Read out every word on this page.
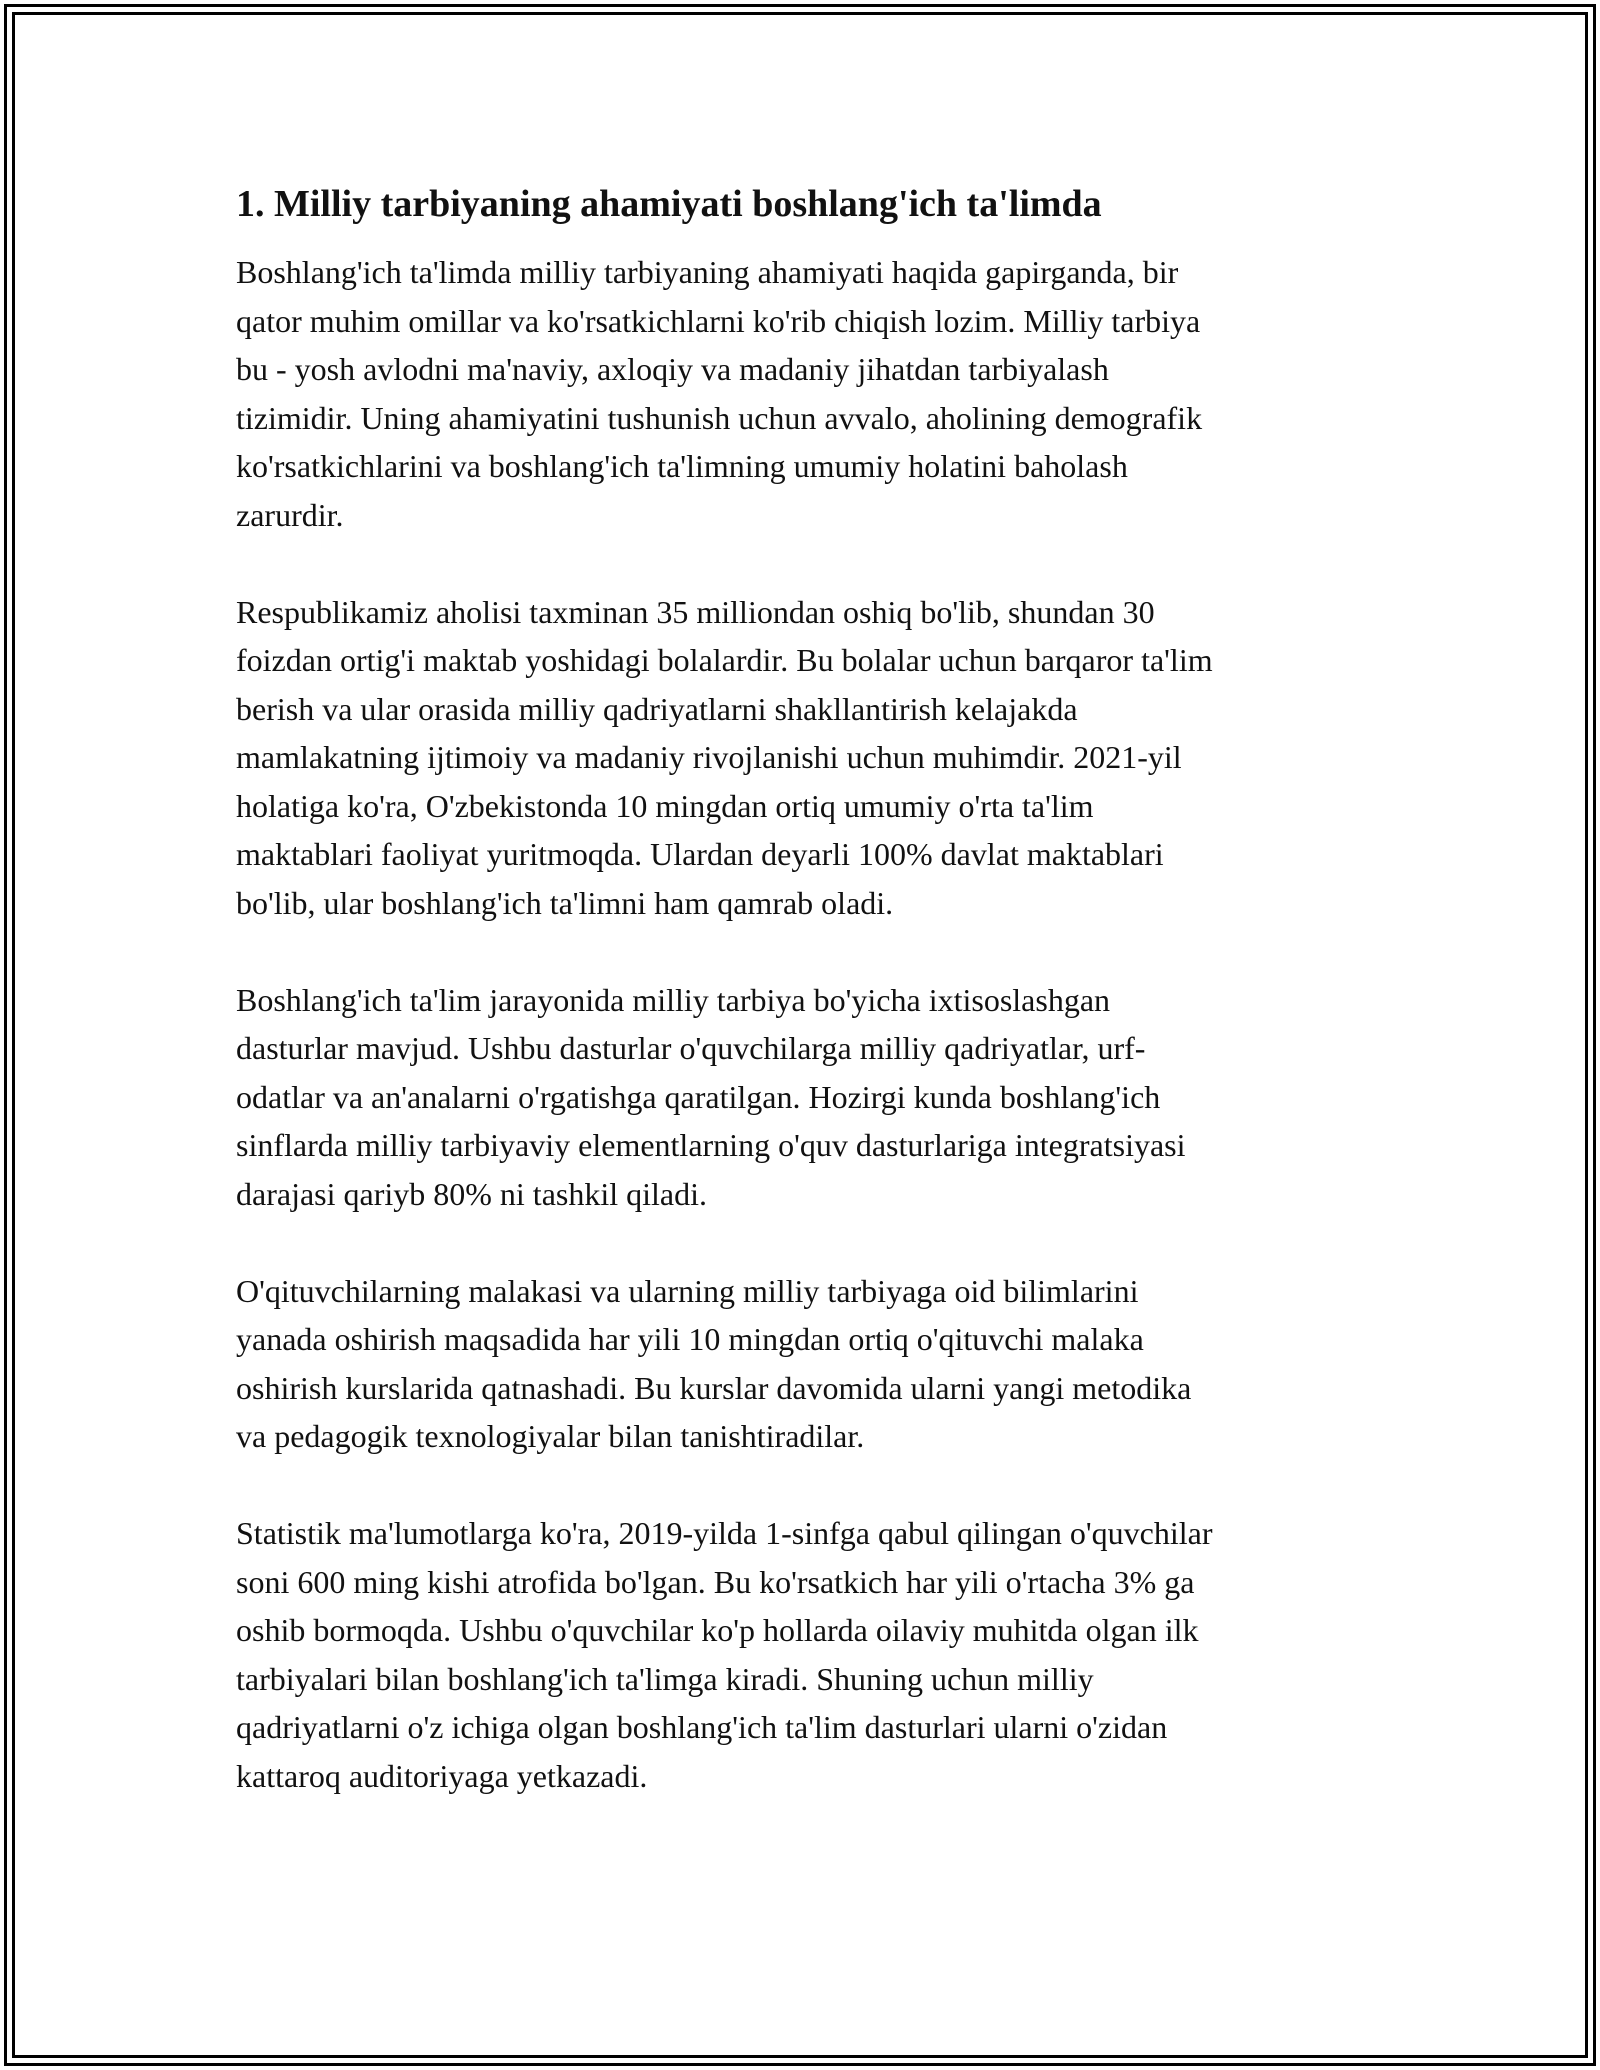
1. Milliy tarbiyaning ahamiyati boshlang'ich ta'limda

Boshlang'ich ta'limda milliy tarbiyaning ahamiyati haqida gapirganda, bir
qator muhim omillar va ko'rsatkichlarni ko'rib chiqish lozim. Milliy tarbiya
bu - yosh avlodni ma'naviy, axloqiy va madaniy jihatdan tarbiyalash
tizimidir. Uning ahamiyatini tushunish uchun avvalo, aholining demografik
ko'rsatkichlarini va boshlang'ich ta'limning umumiy holatini baholash
zarurdir.

Respublikamiz aholisi taxminan 35 milliondan oshiq bo'lib, shundan 30
foizdan ortig'i maktab yoshidagi bolalardir. Bu bolalar uchun barqaror ta'lim
berish va ular orasida milliy qadriyatlarni shakllantirish kelajakda
mamlakatning ijtimoiy va madaniy rivojlanishi uchun muhimdir. 2021-yil
holatiga ko'ra, O'zbekistonda 10 mingdan ortiq umumiy o'rta ta'lim
maktablari faoliyat yuritmoqda. Ulardan deyarli 100% davlat maktablari
bo'lib, ular boshlang'ich ta'limni ham qamrab oladi.

Boshlang'ich ta'lim jarayonida milliy tarbiya bo'yicha ixtisoslashgan
dasturlar mavjud. Ushbu dasturlar o'quvchilarga milliy qadriyatlar, urf-
odatlar va an'analarni o'rgatishga qaratilgan. Hozirgi kunda boshlang'ich
sinflarda milliy tarbiyaviy elementlarning o'quv dasturlariga integratsiyasi
darajasi qariyb 80% ni tashkil qiladi.

O'qituvchilarning malakasi va ularning milliy tarbiyaga oid bilimlarini
yanada oshirish maqsadida har yili 10 mingdan ortiq o'qituvchi malaka
oshirish kurslarida qatnashadi. Bu kurslar davomida ularni yangi metodika
va pedagogik texnologiyalar bilan tanishtiradilar.

Statistik ma'lumotlarga ko'ra, 2019-yilda 1-sinfga qabul qilingan o'quvchilar
soni 600 ming kishi atrofida bo'lgan. Bu ko'rsatkich har yili o'rtacha 3% ga
oshib bormoqda. Ushbu o'quvchilar ko'p hollarda oilaviy muhitda olgan ilk
tarbiyalari bilan boshlang'ich ta'limga kiradi. Shuning uchun milliy
qadriyatlarni o'z ichiga olgan boshlang'ich ta'lim dasturlari ularni o'zidan
kattaroq auditoriyaga yetkazadi.
